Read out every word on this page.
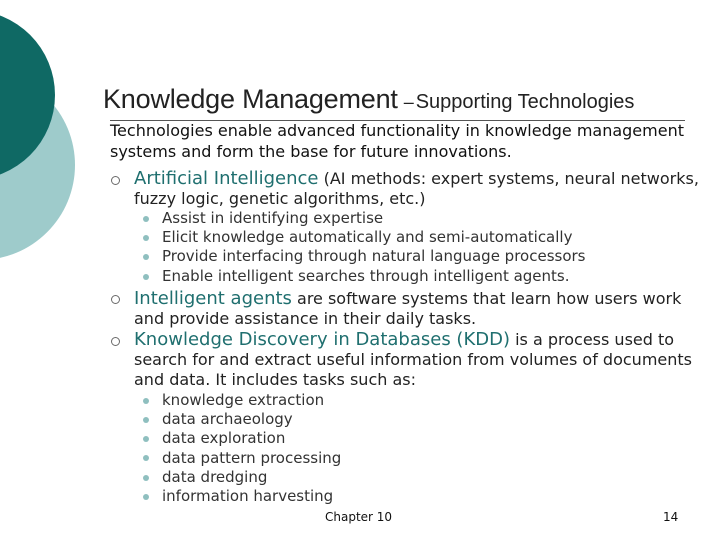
Knowledge Management – Supporting Technologies
Technologies enable advanced functionality in knowledge management systems and form the base for future innovations.
Artificial Intelligence (AI methods: expert systems, neural networks, fuzzy logic, genetic algorithms, etc.)
Assist in identifying expertise
Elicit knowledge automatically and semi-automatically
Provide interfacing through natural language processors
Enable intelligent searches through intelligent agents.
Intelligent agents are software systems that learn how users work and provide assistance in their daily tasks.
Knowledge Discovery in Databases (KDD) is a process used to search for and extract useful information from volumes of documents and data. It includes tasks such as:
knowledge extraction
data archaeology
data exploration
data pattern processing
data dredging
information harvesting
Chapter 10	14
